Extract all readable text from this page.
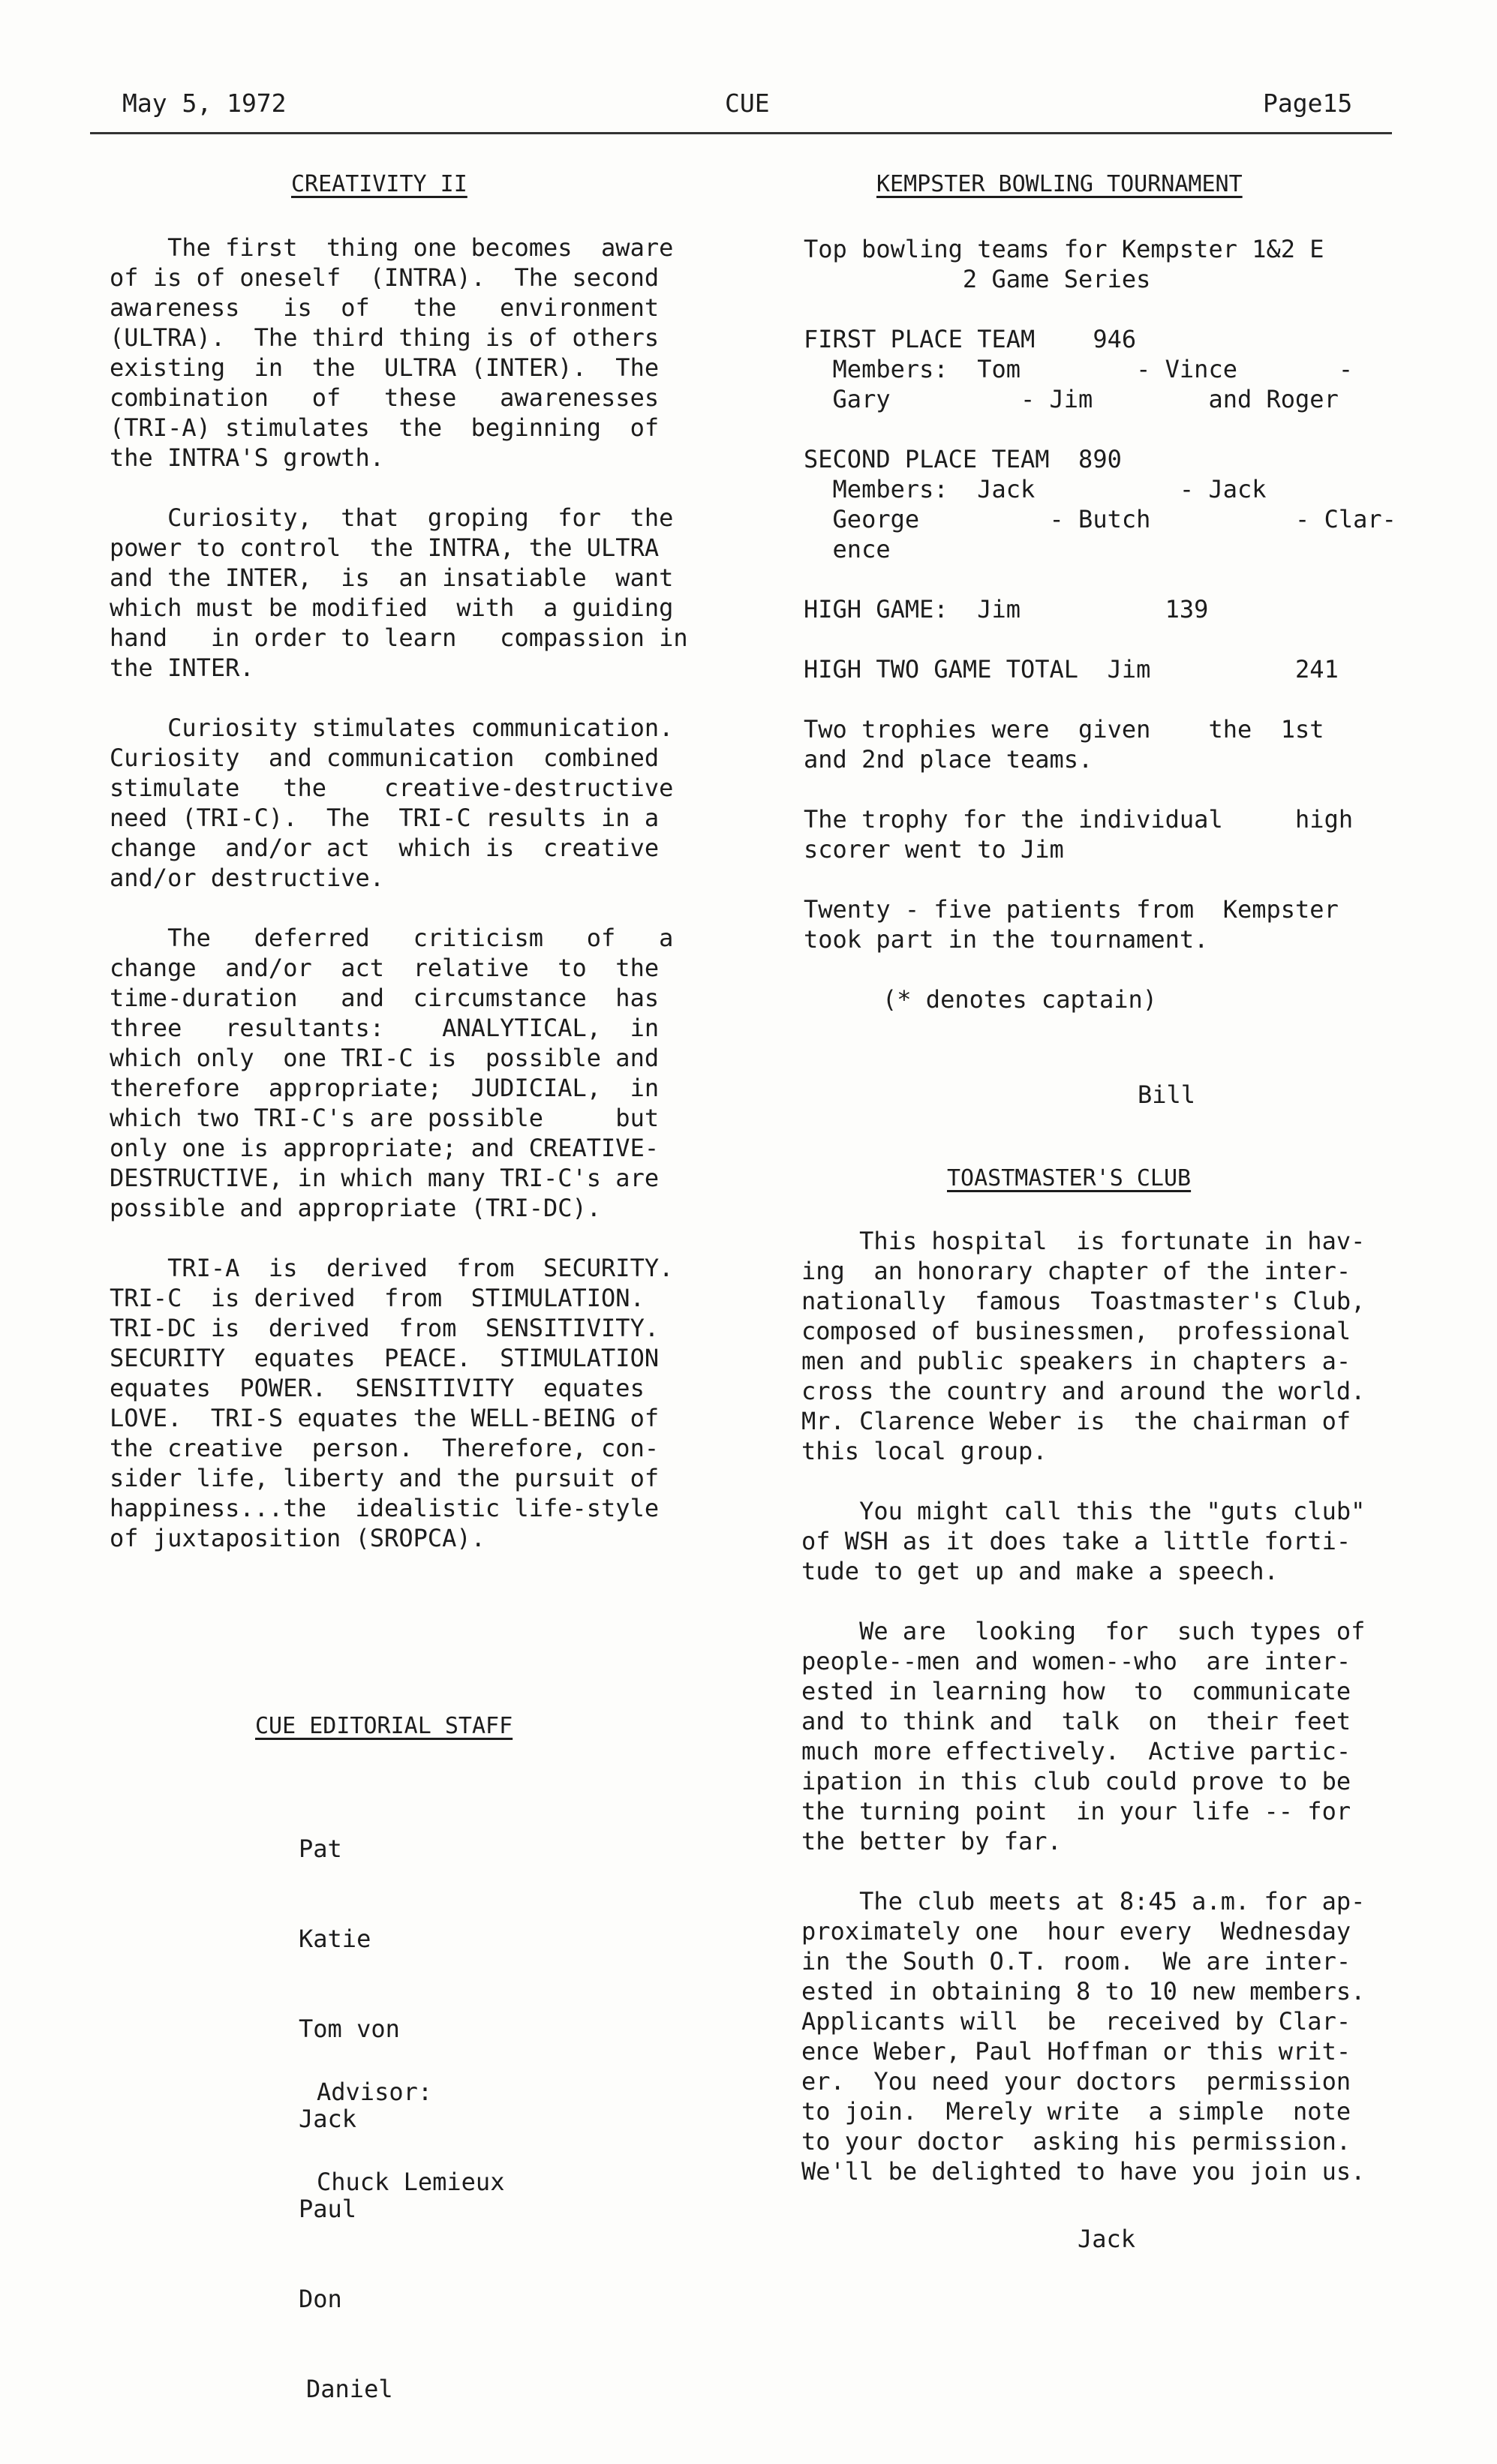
May 5, 1972	CUE	Page15
CREATIVITY II

The first  thing one becomes  aware
of is of oneself  (INTRA).  The second
awareness   is  of   the   environment
(ULTRA).  The third thing is of others
existing  in  the  ULTRA (INTER).  The
combination   of   these   awarenesses
(TRI-A) stimulates  the  beginning  of
the INTRA'S growth.

Curiosity,  that  groping  for  the
power to control  the INTRA, the ULTRA
and the INTER,  is  an insatiable  want
which must be modified  with  a guiding
hand   in order to learn   compassion in
the INTER.

Curiosity stimulates communication.
Curiosity  and communication  combined
stimulate   the    creative-destructive
need (TRI-C).  The  TRI-C results in a
change  and/or act  which is  creative
and/or destructive.

The   deferred   criticism   of   a
change  and/or  act  relative  to  the
time-duration   and  circumstance  has
three   resultants:    ANALYTICAL,  in
which only  one TRI-C is  possible and
therefore  appropriate;  JUDICIAL,  in
which two TRI-C's are possible     but
only one is appropriate; and CREATIVE-
DESTRUCTIVE, in which many TRI-C's are
possible and appropriate (TRI-DC).

TRI-A  is  derived  from  SECURITY.
TRI-C  is derived  from  STIMULATION.
TRI-DC is  derived  from  SENSITIVITY.
SECURITY  equates  PEACE.  STIMULATION
equates  POWER.  SENSITIVITY  equates
LOVE.  TRI-S equates the WELL-BEING of
the creative  person.  Therefore, con-
sider life, liberty and the pursuit of
happiness...the  idealistic life-style
of juxtaposition (SROPCA).

CUE EDITORIAL STAFF

Pat

Katie

Tom von

Jack

Paul

Don

Daniel

Advisor:

Chuck Lemieux

KEMPSTER BOWLING TOURNAMENT

Top bowling teams for Kempster 1&2 E
2 Game Series

FIRST PLACE TEAM    946
Members:  Tom        - Vince       -
Gary         - Jim        and Roger

SECOND PLACE TEAM  890
Members:  Jack          - Jack
George         - Butch          - Clar-
ence

HIGH GAME:  Jim          139

HIGH TWO GAME TOTAL  Jim          241

Two trophies were  given    the  1st
and 2nd place teams.

The trophy for the individual     high
scorer went to Jim

Twenty - five patients from  Kempster
took part in the tournament.

(* denotes captain)

Bill
TOASTMASTER'S CLUB

This hospital  is fortunate in hav-
ing  an honorary chapter of the inter-
nationally  famous  Toastmaster's Club,
composed of businessmen,  professional
men and public speakers in chapters a-
cross the country and around the world.
Mr. Clarence Weber is  the chairman of
this local group.

You might call this the "guts club"
of WSH as it does take a little forti-
tude to get up and make a speech.

We are  looking  for  such types of
people--men and women--who  are inter-
ested in learning how  to  communicate
and to think and  talk  on  their feet
much more effectively.  Active partic-
ipation in this club could prove to be
the turning point  in your life -- for
the better by far.

The club meets at 8:45 a.m. for ap-
proximately one  hour every  Wednesday
in the South O.T. room.  We are inter-
ested in obtaining 8 to 10 new members.
Applicants will  be  received by Clar-
ence Weber, Paul Hoffman or this writ-
er.  You need your doctors  permission
to join.  Merely write  a simple  note
to your doctor  asking his permission.
We'll be delighted to have you join us.

Jack
